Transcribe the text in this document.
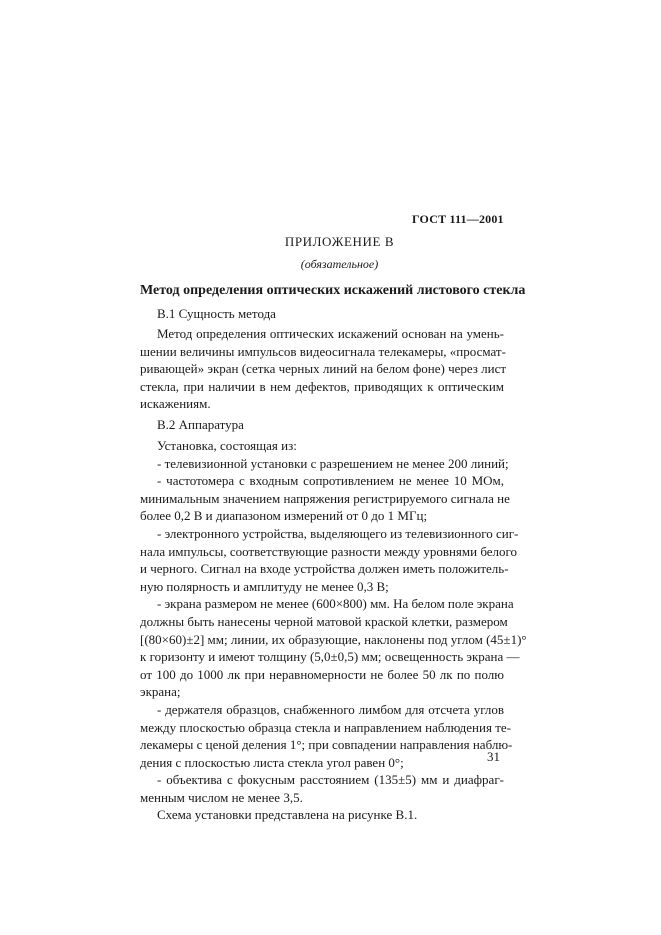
ГОСТ 111—2001
ПРИЛОЖЕНИЕ В
(обязательное)
Метод определения оптических искажений листового стекла
В.1 Сущность метода
Метод определения оптических искажений основан на умень-
шении величины импульсов видеосигнала телекамеры, «просмат-
ривающей» экран (сетка черных линий на белом фоне) через лист
стекла, при наличии в нем дефектов, приводящих к оптическим
искажениям.
В.2 Аппаратура
Установка, состоящая из:
- телевизионной установки с разрешением не менее 200 линий;
- частотомера с входным сопротивлением не менее 10 МОм,
минимальным значением напряжения регистрируемого сигнала не
более 0,2 В и диапазоном измерений от 0 до 1 МГц;
- электронного устройства, выделяющего из телевизионного сиг-
нала импульсы, соответствующие разности между уровнями белого
и черного. Сигнал на входе устройства должен иметь положитель-
ную полярность и амплитуду не менее 0,3 В;
- экрана размером не менее (600×800) мм. На белом поле экрана
должны быть нанесены черной матовой краской клетки, размером
[(80×60)±2] мм; линии, их образующие, наклонены под углом (45±1)°
к горизонту и имеют толщину (5,0±0,5) мм; освещенность экрана —
от 100 до 1000 лк при неравномерности не более 50 лк по полю
экрана;
- держателя образцов, снабженного лимбом для отсчета углов
между плоскостью образца стекла и направлением наблюдения те-
лекамеры с ценой деления 1°; при совпадении направления наблю-
дения с плоскостью листа стекла угол равен 0°;
- объектива с фокусным расстоянием (135±5) мм и диафраг-
менным числом не менее 3,5.
Схема установки представлена на рисунке В.1.
31
